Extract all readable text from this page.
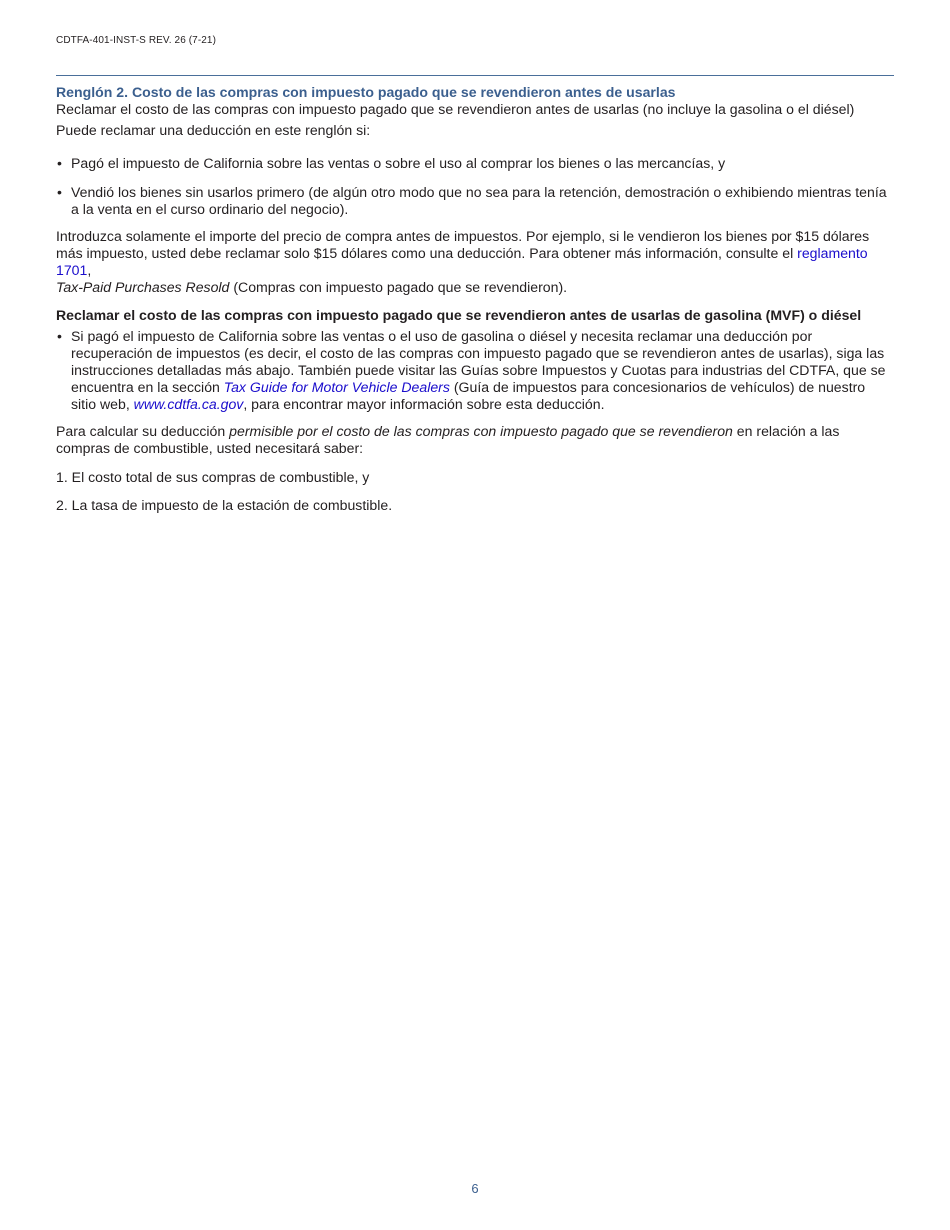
CDTFA-401-INST-S REV. 26 (7-21)
Renglón 2. Costo de las compras con impuesto pagado que se revendieron antes de usarlas

Reclamar el costo de las compras con impuesto pagado que se revendieron antes de usarlas (no incluye la gasolina o el diésel)

Puede reclamar una deducción en este renglón si:

• Pagó el impuesto de California sobre las ventas o sobre el uso al comprar los bienes o las mercancías, y
• Vendió los bienes sin usarlos primero (de algún otro modo que no sea para la retención, demostración o exhibiendo mientras tenía a la venta en el curso ordinario del negocio).

Introduzca solamente el importe del precio de compra antes de impuestos. Por ejemplo, si le vendieron los bienes por $15 dólares más impuesto, usted debe reclamar solo $15 dólares como una deducción. Para obtener más información, consulte el reglamento 1701,
Tax-Paid Purchases Resold (Compras con impuesto pagado que se revendieron).

Reclamar el costo de las compras con impuesto pagado que se revendieron antes de usarlas de gasolina (MVF) o diésel

• Si pagó el impuesto de California sobre las ventas o el uso de gasolina o diésel y necesita reclamar una deducción por recuperación de impuestos (es decir, el costo de las compras con impuesto pagado que se revendieron antes de usarlas), siga las instrucciones detalladas más abajo. También puede visitar las Guías sobre Impuestos y Cuotas para industrias del CDTFA, que se encuentra en la sección Tax Guide for Motor Vehicle Dealers (Guía de impuestos para concesionarios de vehículos) de nuestro sitio web, www.cdtfa.ca.gov, para encontrar mayor información sobre esta deducción.

Para calcular su deducción permisible por el costo de las compras con impuesto pagado que se revendieron en relación a las compras de combustible, usted necesitará saber:

1. El costo total de sus compras de combustible, y

2. La tasa de impuesto de la estación de combustible.

6
